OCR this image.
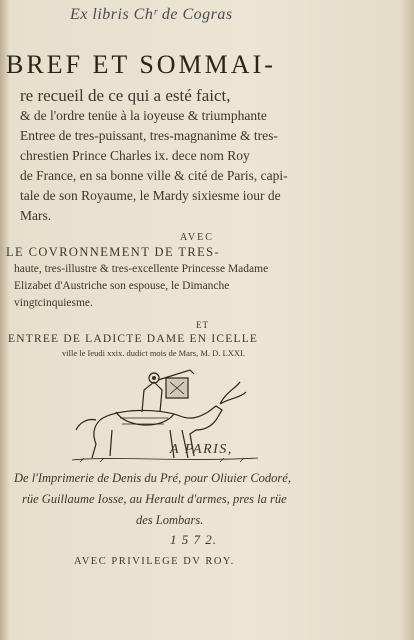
Ex libris Chʳ de Cogras
BREF ET SOMMAI-
re recueil de ce qui a esté faict,
& de l'ordre tenüe à la ioyeuse & triumphante
Entree de tres-puissant, tres-magnanime & tres-
chrestien Prince Charles ix. dece nom Roy
de France, en sa bonne ville & cité de Paris, capi-
tale de son Royaume, le Mardy sixiesme iour de
Mars.
AVEC
LE COVRONNEMENT DE TRES-
haute, tres-illustre & tres-excellente Princesse Madame
Elizabet d'Austriche son espouse, le Dimanche
vingtcinquiesme.
ET
ENTREE DE LADICTE DAME EN ICELLE
ville le Ieudi xxix. dudict mois de Mars, M. D. LXXI.
A PARIS,
De l'Imprimerie de Denis du Pré, pour Oliuier Codoré,
rüe Guillaume Iosse, au Herault d'armes, pres la rüe
des Lombars.
1 5 7 2.
AVEC PRIVILEGE DV ROY.
